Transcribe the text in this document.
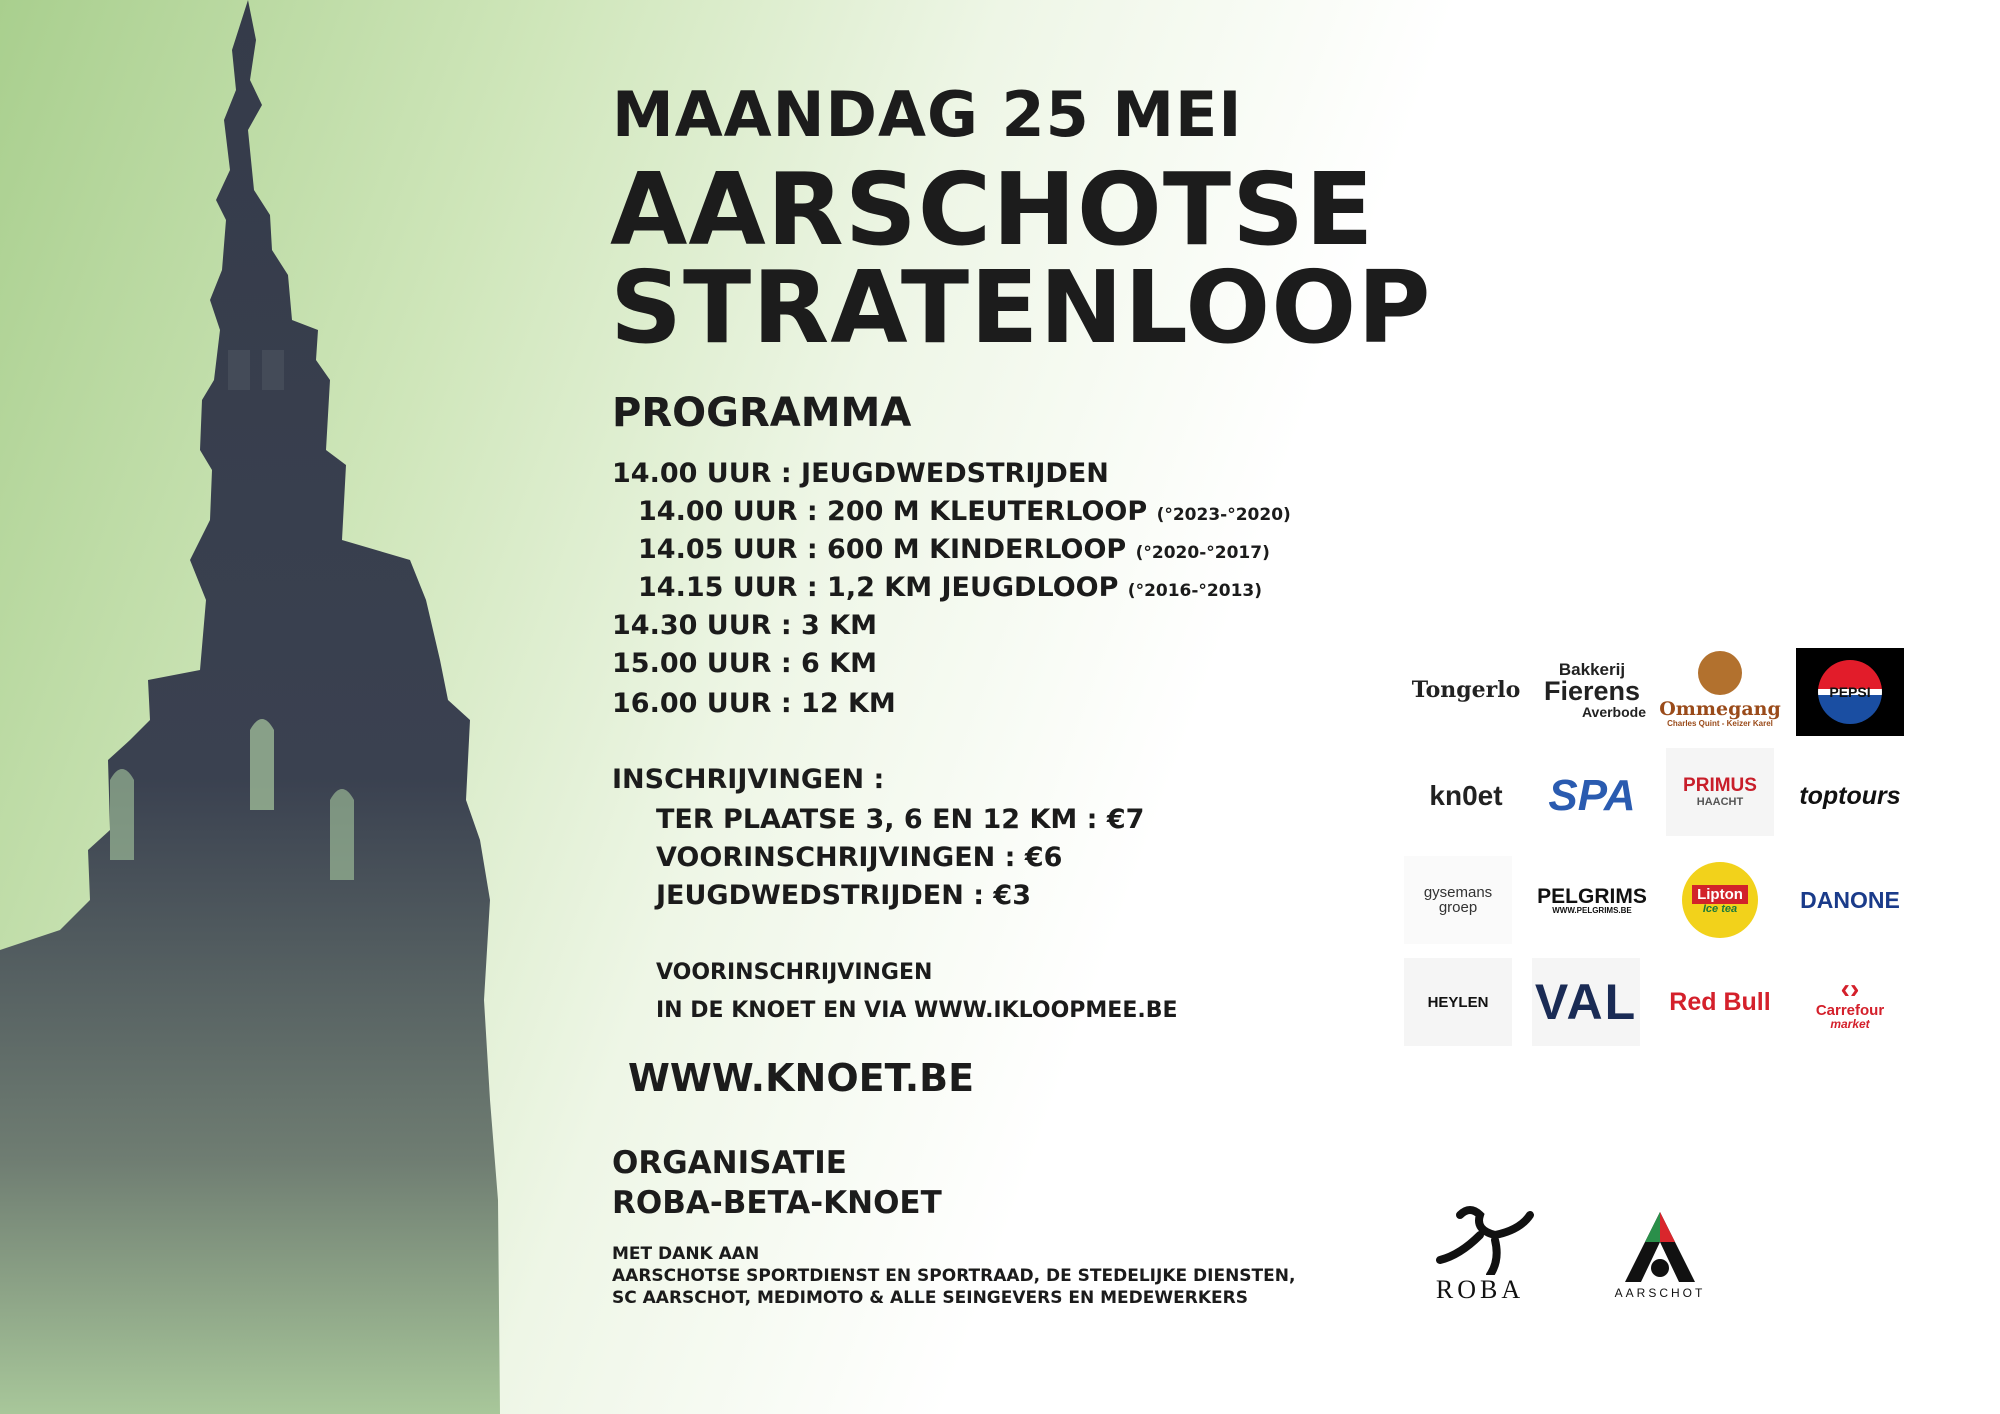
MAANDAG 25 MEI
AARSCHOTSE
STRATENLOOP
PROGRAMMA
14.00 UUR : JEUGDWEDSTRIJDEN
14.00 UUR : 200 M KLEUTERLOOP (°2023-°2020)
14.05 UUR : 600 M KINDERLOOP (°2020-°2017)
14.15 UUR : 1,2 KM JEUGDLOOP (°2016-°2013)
14.30 UUR : 3 KM
15.00 UUR : 6 KM
16.00 UUR : 12 KM
INSCHRIJVINGEN :
TER PLAATSE 3, 6 EN 12 KM : €7
VOORINSCHRIJVINGEN : €6
JEUGDWEDSTRIJDEN : €3
VOORINSCHRIJVINGEN
IN DE KNOET EN VIA WWW.IKLOOPMEE.BE
WWW.KNOET.BE
ORGANISATIE
ROBA-BETA-KNOET
MET DANK AAN
AARSCHOTSE SPORTDIENST EN SPORTRAAD, DE STEDELIJKE DIENSTEN,
SC AARSCHOT, MEDIMOTO & ALLE SEINGEVERS EN MEDEWERKERS
Tongerlo
Bakkerij
Fierens
Averbode Ommegang
Charles Quint - Keizer Karel
PEPSI
kn0et SPA PRIMUS
HAACHT toptours
gysemans
groep	PELGRIMS
WWW.PELGRIMS.BE
Lipton
Ice tea	DANONE
HEYLEN VAL Red Bull ‹›
Carrefour
market
ROBA	AARSCHOT
